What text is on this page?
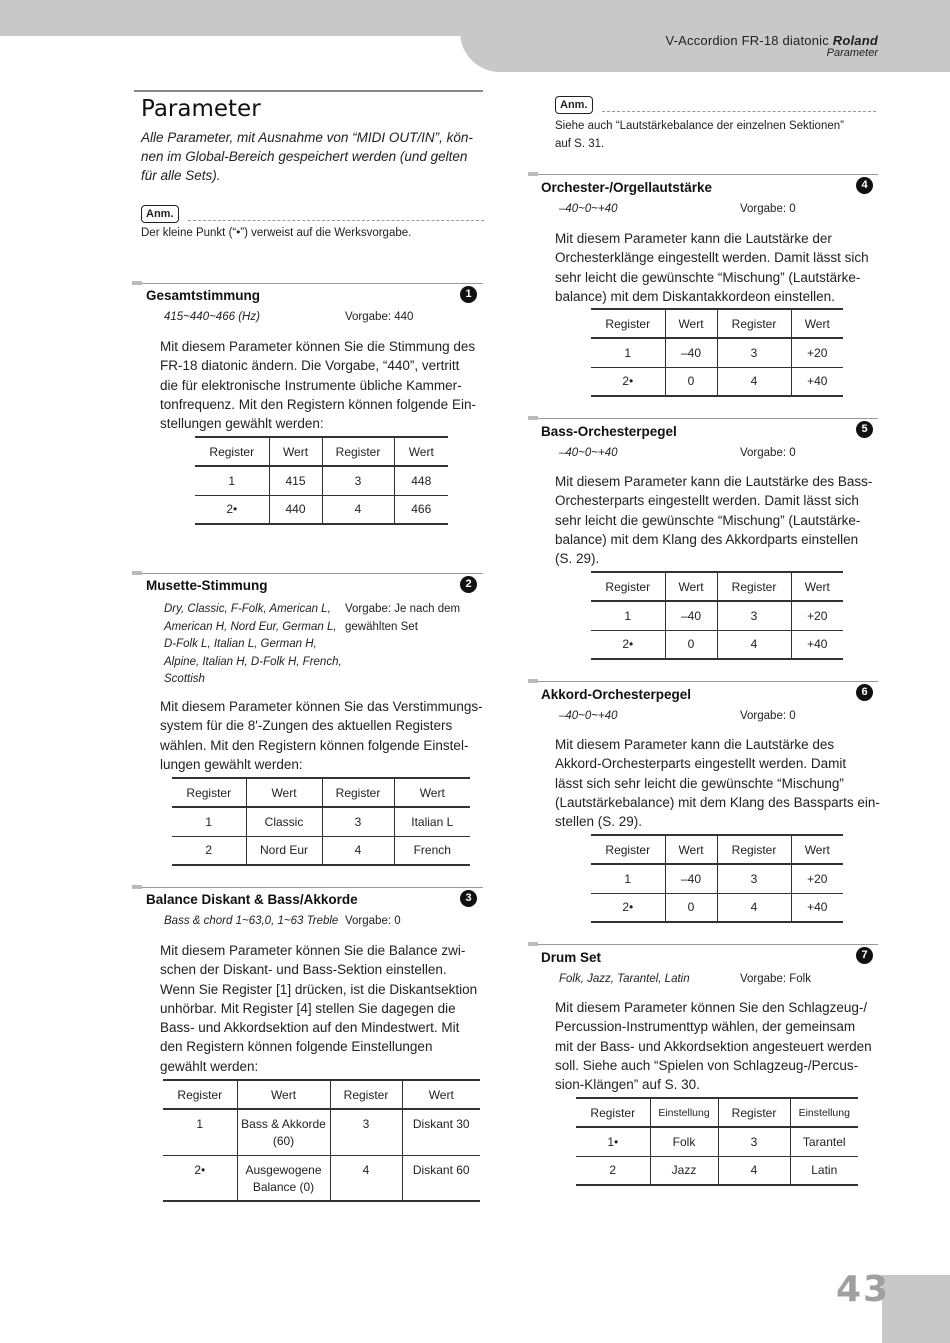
V-Accordion FR-18 diatonic Roland
Parameter
Parameter
Alle Parameter, mit Ausnahme von “MIDI OUT/IN”, kön-
nen im Global-Bereich gespeichert werden (und gelten
für alle Sets).
Anm.
Der kleine Punkt (“•”) verweist auf die Werksvorgabe.
Gesamtstimmung	1
415~440~466 (Hz)	Vorgabe: 440
Mit diesem Parameter können Sie die Stimmung des
FR-18 diatonic ändern. Die Vorgabe, “440”, vertritt
die für elektronische Instrumente übliche Kammer-
tonfrequenz. Mit den Registern können folgende Ein-
stellungen gewählt werden:
Register	Wert	Register	Wert
1	415	3	448
2•	440	4	466
Musette-Stimmung	2
Dry, Classic, F-Folk, American L,
American H, Nord Eur, German L,
D-Folk L, Italian L, German H,
Alpine, Italian H, D-Folk H, French,
Scottish
Vorgabe: Je nach dem
gewählten Set
Mit diesem Parameter können Sie das Verstimmungs-
system für die 8'-Zungen des aktuellen Registers
wählen. Mit den Registern können folgende Einstel-
lungen gewählt werden:
Register	Wert	Register	Wert
1	Classic	3	Italian L
2	Nord Eur	4	French
Balance Diskant & Bass/Akkorde	3
Bass & chord 1~63,0, 1~63 Treble Vorgabe: 0
Mit diesem Parameter können Sie die Balance zwi-
schen der Diskant- und Bass-Sektion einstellen.
Wenn Sie Register [1] drücken, ist die Diskantsektion
unhörbar. Mit Register [4] stellen Sie dagegen die
Bass- und Akkordsektion auf den Mindestwert. Mit
den Registern können folgende Einstellungen
gewählt werden:
Register	Wert	Register	Wert
1	Bass & Akkorde
(60)	3	Diskant 30
2•	Ausgewogene
Balance (0)	4	Diskant 60
Anm.
Siehe auch “Lautstärkebalance der einzelnen Sektionen”
auf S. 31.
Orchester-/Orgellautstärke	4
–40~0~+40	Vorgabe: 0
Mit diesem Parameter kann die Lautstärke der
Orchesterklänge eingestellt werden. Damit lässt sich
sehr leicht die gewünschte “Mischung” (Lautstärke-
balance) mit dem Diskantakkordeon einstellen.
Register	Wert	Register	Wert
1	–40	3	+20
2•	0	4	+40
Bass-Orchesterpegel	5
–40~0~+40	Vorgabe: 0
Mit diesem Parameter kann die Lautstärke des Bass-
Orchesterparts eingestellt werden. Damit lässt sich
sehr leicht die gewünschte “Mischung” (Lautstärke-
balance) mit dem Klang des Akkordparts einstellen
(S. 29).
Register	Wert	Register	Wert
1	–40	3	+20
2•	0	4	+40
Akkord-Orchesterpegel	6
–40~0~+40	Vorgabe: 0
Mit diesem Parameter kann die Lautstärke des
Akkord-Orchesterparts eingestellt werden. Damit
lässt sich sehr leicht die gewünschte “Mischung”
(Lautstärkebalance) mit dem Klang des Bassparts ein-
stellen (S. 29).
Register	Wert	Register	Wert
1	–40	3	+20
2•	0	4	+40
Drum Set	7
Folk, Jazz, Tarantel, Latin	Vorgabe: Folk
Mit diesem Parameter können Sie den Schlagzeug-/
Percussion-Instrumenttyp wählen, der gemeinsam
mit der Bass- und Akkordsektion angesteuert werden
soll. Siehe auch “Spielen von Schlagzeug-/Percus-
sion-Klängen” auf S. 30.
Register	Einstellung	Register	Einstellung
1•	Folk	3	Tarantel
2	Jazz	4	Latin
43
